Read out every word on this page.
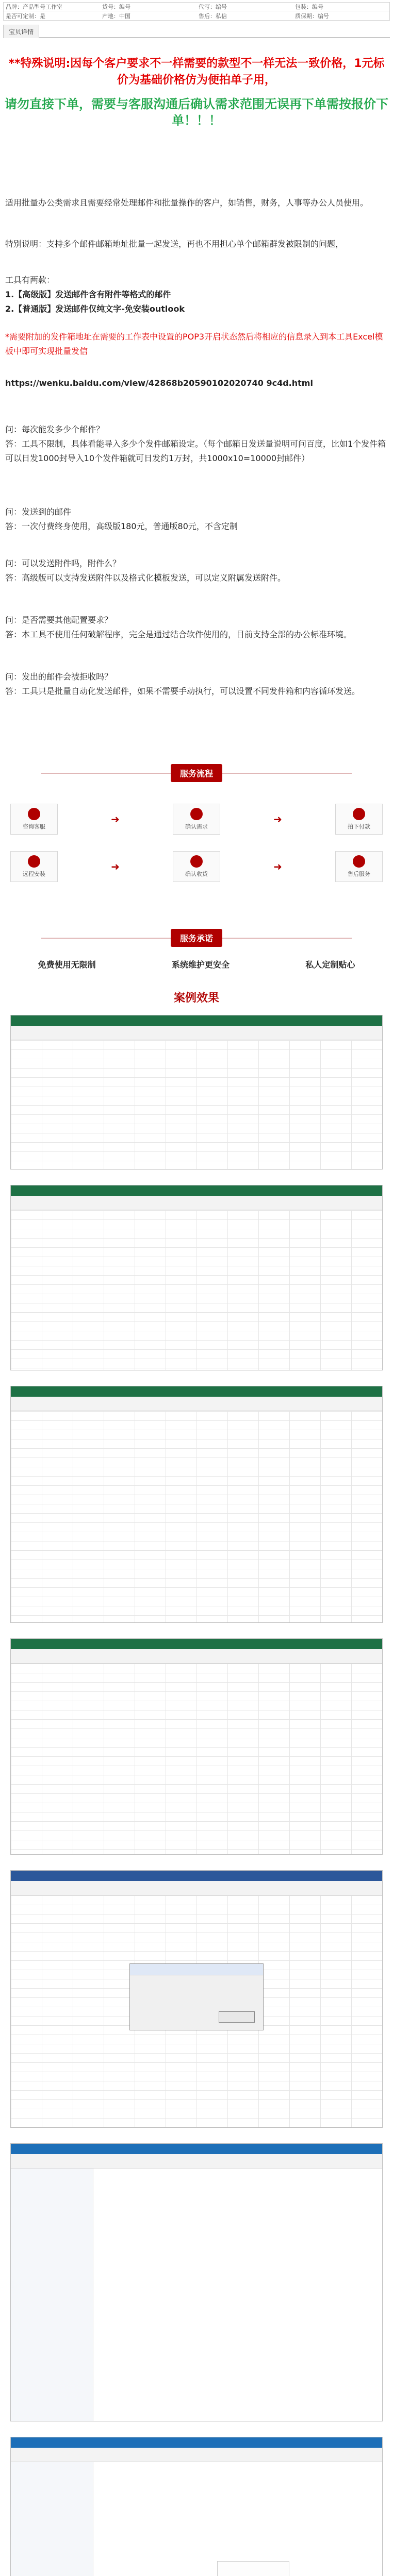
品牌：产品型号工作室	货号：编号	代写：编号	包装：编号
是否可定制：是	产地：中国	售后：私信	质保期：编号
宝贝详情
**特殊说明:因每个客户要求不一样需要的款型不一样无法一致价格，1元标价为基础价格仿为便拍单子用，
请勿直接下单，需要与客服沟通后确认需求范围无误再下单需按报价下单！！！
适用批量办公类需求且需要经常处理邮件和批量操作的客户，如销售，财务，人事等办公人员使用。
特别说明：支持多个邮件邮箱地址批量一起发送，再也不用担心单个邮箱群发被限制的问题，
工具有两款：
1.【高级版】发送邮件含有附件等格式的邮件
2.【普通版】发送邮件仅纯文字-免安装outlook
*需要附加的发件箱地址在需要的工作表中设置的POP3开启状态然后将相应的信息录入到本工具Excel模板中即可实现批量发信
https://wenku.baidu.com/view/42868b20590102020740 9c4d.html
问：每次能发多少个邮件？
答：工具不限制，具体看能导入多少个发件邮箱设定。（每个邮箱日发送量说明可问百度，比如1个发件箱可以日发1000封导入10个发件箱就可日发约1万封，共1000x10=10000封邮件）
问：发送到的邮件
答：一次付费终身使用，高级版180元，普通版80元，不含定制
问：可以发送附件吗，附件么？
答：高级版可以支持发送附件以及格式化模板发送，可以定义附属发送附件。
问：是否需要其他配置要求？
答：本工具不使用任何破解程序，完全是通过结合软件使用的，目前支持全部的办公标准环境。
问：发出的邮件会被拒收吗？
答：工具只是批量自动化发送邮件，如果不需要手动执行，可以设置不同发件箱和内容循环发送。
服务流程
咨询客服
➜
确认需求
➜
拍下付款
远程安装
➜
确认收货
➜
售后服务
服务承诺
免费使用无限制	系统维护更安全	私人定制贴心
案例效果
